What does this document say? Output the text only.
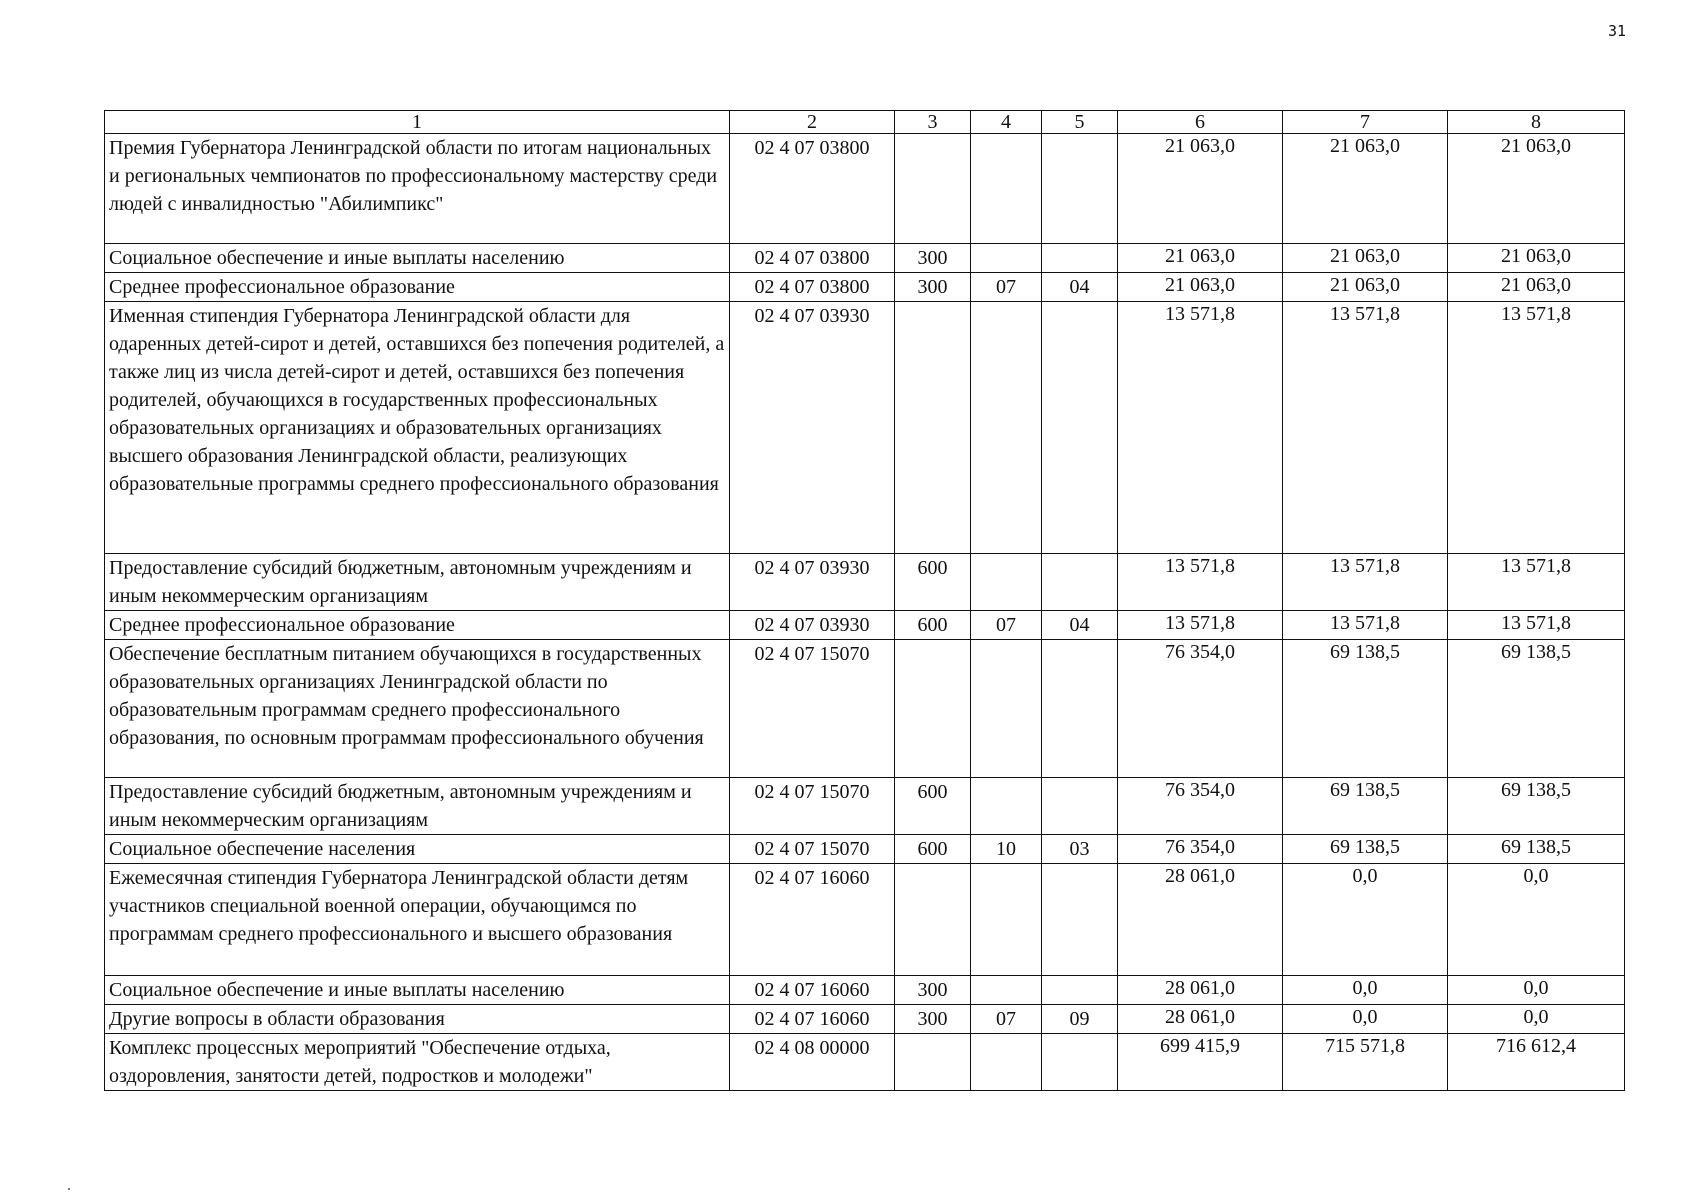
31
1	2	3	4	5	6	7	8
Премия Губернатора Ленинградской области по итогам национальных и региональных чемпионатов по профессиональному мастерству среди людей с инвалидностью "Абилимпикс"	02 4 07 03800				21 063,0	21 063,0	21 063,0
Социальное обеспечение и иные выплаты населению	02 4 07 03800	300			21 063,0	21 063,0	21 063,0
Среднее профессиональное образование	02 4 07 03800	300	07	04	21 063,0	21 063,0	21 063,0
Именная стипендия Губернатора Ленинградской области для одаренных детей-сирот и детей, оставшихся без попечения родителей, а также лиц из числа детей-сирот и детей, оставшихся без попечения родителей, обучающихся в государственных профессиональных образовательных организациях и образовательных организациях высшего образования Ленинградской области, реализующих образовательные программы среднего профессионального образования	02 4 07 03930				13 571,8	13 571,8	13 571,8
Предоставление субсидий бюджетным, автономным учреждениям и иным некоммерческим организациям	02 4 07 03930	600			13 571,8	13 571,8	13 571,8
Среднее профессиональное образование	02 4 07 03930	600	07	04	13 571,8	13 571,8	13 571,8
Обеспечение бесплатным питанием обучающихся в государственных образовательных организациях Ленинградской области по образовательным программам среднего профессионального образования, по основным программам профессионального обучения	02 4 07 15070				76 354,0	69 138,5	69 138,5
Предоставление субсидий бюджетным, автономным учреждениям и иным некоммерческим организациям	02 4 07 15070	600			76 354,0	69 138,5	69 138,5
Социальное обеспечение населения	02 4 07 15070	600	10	03	76 354,0	69 138,5	69 138,5
Ежемесячная стипендия Губернатора Ленинградской области детям участников специальной военной операции, обучающимся по программам среднего профессионального и высшего образования	02 4 07 16060				28 061,0	0,0	0,0
Социальное обеспечение и иные выплаты населению	02 4 07 16060	300			28 061,0	0,0	0,0
Другие вопросы в области образования	02 4 07 16060	300	07	09	28 061,0	0,0	0,0
Комплекс процессных мероприятий "Обеспечение отдыха, оздоровления, занятости детей, подростков и молодежи"	02 4 08 00000				699 415,9	715 571,8	716 612,4
